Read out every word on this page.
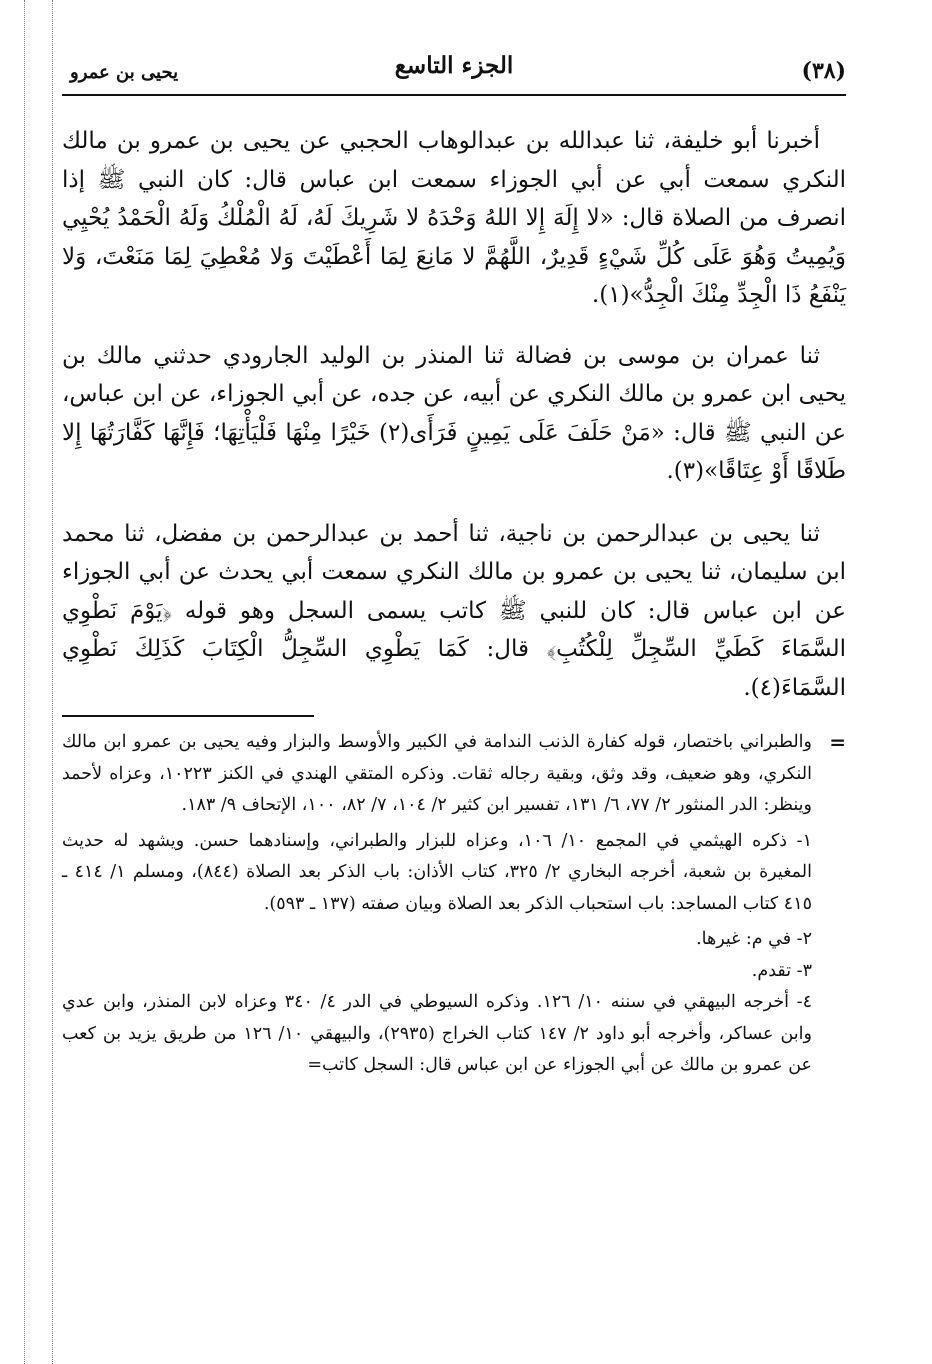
(٣٨)
الجزء التاسع
يحيى بن عمرو

أخبرنا أبو خليفة، ثنا عبدالله بن عبدالوهاب الحجبي عن يحيى بن عمرو بن مالك النكري سمعت أبي عن أبي الجوزاء سمعت ابن عباس قال: كان النبي ﷺ إذا انصرف من الصلاة قال: «لا إِلَهَ إِلا اللهُ وَحْدَهُ لا شَرِيكَ لَهُ، لَهُ الْمُلْكُ وَلَهُ الْحَمْدُ يُحْيِي وَيُمِيتُ وَهُوَ عَلَى كُلِّ شَيْءٍ قَدِيرٌ، اللَّهُمَّ لا مَانِعَ لِمَا أَعْطَيْتَ وَلا مُعْطِيَ لِمَا مَنَعْتَ، وَلا يَنْفَعُ ذَا الْجِدِّ مِنْكَ الْجِدُّ»(١).

ثنا عمران بن موسى بن فضالة ثنا المنذر بن الوليد الجارودي حدثني مالك بن يحيى ابن عمرو بن مالك النكري عن أبيه، عن جده، عن أبي الجوزاء، عن ابن عباس، عن النبي ﷺ قال: «مَنْ حَلَفَ عَلَى يَمِينٍ فَرَأَى(٢) خَيْرًا مِنْهَا فَلْيَأْتِهَا؛ فَإِنَّهَا كَفَّارَتُهَا إِلا طَلاقًا أَوْ عِتَاقًا»(٣).

ثنا يحيى بن عبدالرحمن بن ناجية، ثنا أحمد بن عبدالرحمن بن مفضل، ثنا محمد ابن سليمان، ثنا يحيى بن عمرو بن مالك النكري سمعت أبي يحدث عن أبي الجوزاء عن ابن عباس قال: كان للنبي ﷺ كاتب يسمى السجل وهو قوله ﴿يَوْمَ نَطْوِي السَّمَاءَ كَطَيِّ السِّجِلِّ لِلْكُتُبِ﴾ قال: كَمَا يَطْوِي السِّجِلُّ الْكِتَابَ كَذَلِكَ نَطْوِي السَّمَاءَ(٤).

=

والطبراني باختصار، قوله كفارة الذنب الندامة في الكبير والأوسط والبزار وفيه يحيى بن عمرو ابن مالك النكري، وهو ضعيف، وقد وثق، وبقية رجاله ثقات. وذكره المتقي الهندي في الكنز ١٠٢٢٣، وعزاه لأحمد وينظر: الدر المنثور ٢/ ٧٧، ٦/ ١٣١، تفسير ابن كثير ٢/ ١٠٤، ٧/ ٨٢، ١٠٠، الإتحاف ٩/ ١٨٣.

١- ذكره الهيثمي في المجمع ١٠/ ١٠٦، وعزاه للبزار والطبراني، وإسنادهما حسن. ويشهد له حديث المغيرة بن شعبة، أخرجه البخاري ٢/ ٣٢٥، كتاب الأذان: باب الذكر بعد الصلاة (٨٤٤)، ومسلم ١/ ٤١٤ ـ ٤١٥ كتاب المساجد: باب استحباب الذكر بعد الصلاة وبيان صفته (١٣٧ ـ ٥٩٣).

٢- في م: غيرها.

٣- تقدم.

٤- أخرجه البيهقي في سننه ١٠/ ١٢٦. وذكره السيوطي في الدر ٤/ ٣٤٠ وعزاه لابن المنذر، وابن عدي وابن عساكر، وأخرجه أبو داود ٢/ ١٤٧ كتاب الخراج (٢٩٣٥)، والبيهقي ١٠/ ١٢٦ من طريق يزيد بن كعب عن عمرو بن مالك عن أبي الجوزاء عن ابن عباس قال: السجل كاتب=
